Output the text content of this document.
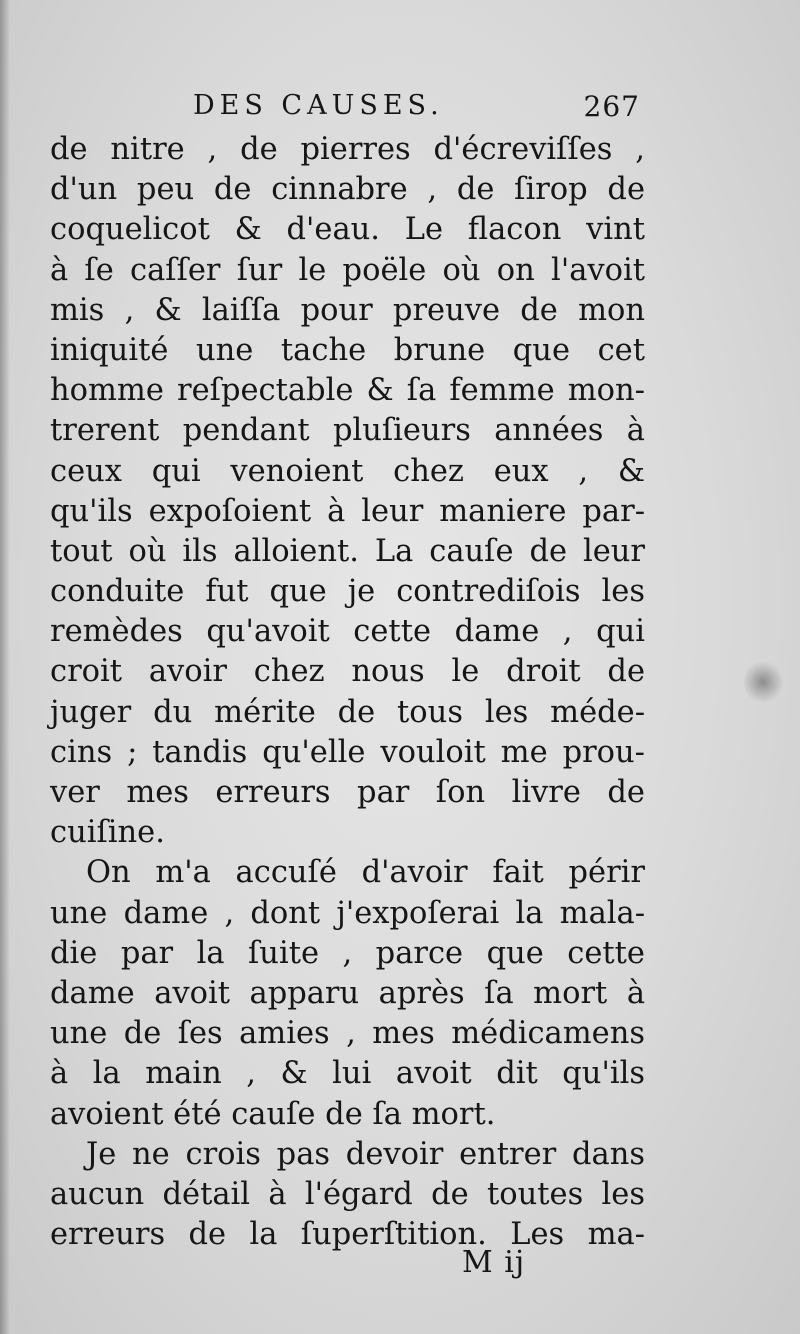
DES CAUSES.	267
de nitre , de pierres d'écreviſſes ,
d'un peu de cinnabre , de ſirop de
coquelicot & d'eau. Le flacon vint
à ſe caſſer ſur le poële où on l'avoit
mis , & laiſſa pour preuve de mon
iniquité une tache brune que cet
homme reſpectable & ſa femme mon-
trerent pendant pluſieurs années à
ceux qui venoient chez eux , &
qu'ils expoſoient à leur maniere par-
tout où ils alloient. La cauſe de leur
conduite fut que je contrediſois les
remèdes qu'avoit cette dame , qui
croit avoir chez nous le droit de
juger du mérite de tous les méde-
cins ; tandis qu'elle vouloit me prou-
ver mes erreurs par ſon livre de
cuiſine.
On m'a accuſé d'avoir fait périr
une dame , dont j'expoſerai la mala-
die par la ſuite , parce que cette
dame avoit apparu après ſa mort à
une de ſes amies , mes médicamens
à la main , & lui avoit dit qu'ils
avoient été cauſe de ſa mort.
Je ne crois pas devoir entrer dans
aucun détail à l'égard de toutes les
erreurs de la ſuperſtition. Les ma-
M ij
